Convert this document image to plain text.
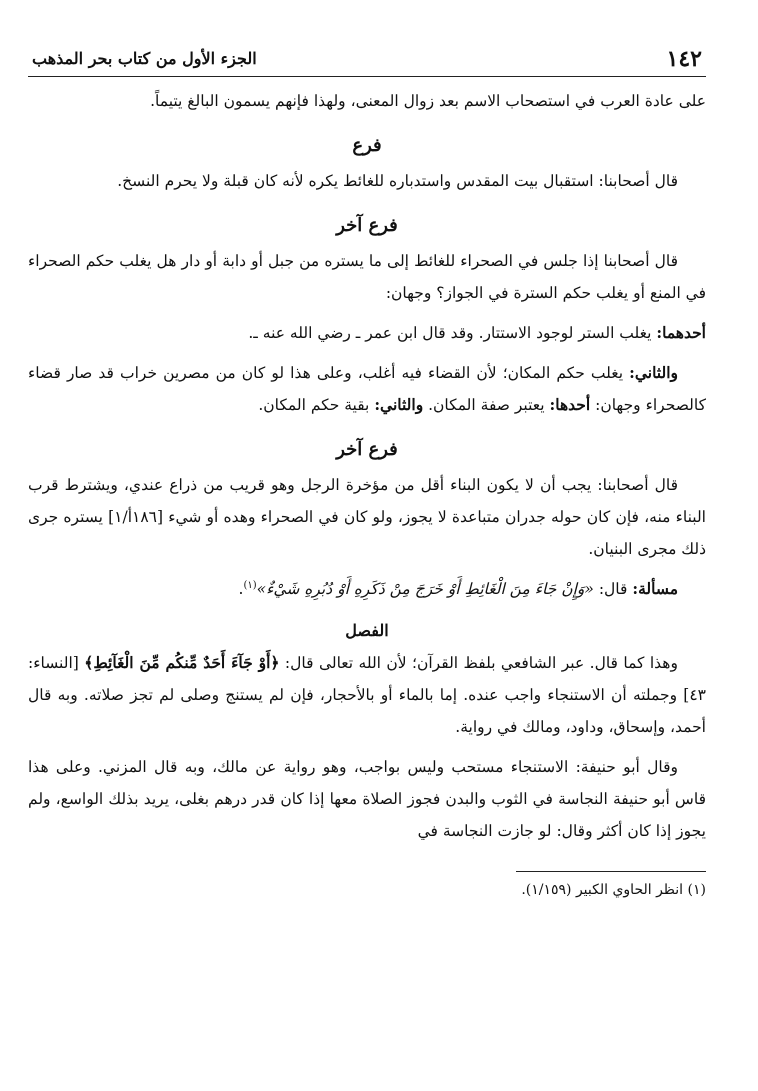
١٤٢
الجزء الأول من كتاب بحر المذهب

على عادة العرب في استصحاب الاسم بعد زوال المعنى، ولهذا فإنهم يسمون البالغ يتيماً.

فرع

قال أصحابنا: استقبال بيت المقدس واستدباره للغائط يكره لأنه كان قبلة ولا يحرم النسخ.

فرع آخر

قال أصحابنا إذا جلس في الصحراء للغائط إلى ما يستره من جبل أو دابة أو دار هل يغلب حكم الصحراء في المنع أو يغلب حكم السترة في الجواز؟ وجهان:

أحدهما: يغلب الستر لوجود الاستتار. وقد قال ابن عمر ـ رضي الله عنه ـ.

والثاني: يغلب حكم المكان؛ لأن القضاء فيه أغلب، وعلى هذا لو كان من مصرين خراب قد صار قضاء كالصحراء وجهان: أحدها: يعتبر صفة المكان. والثاني: بقية حكم المكان.

فرع آخر

قال أصحابنا: يجب أن لا يكون البناء أقل من مؤخرة الرجل وهو قريب من ذراع عندي، ويشترط قرب البناء منه، فإن كان حوله جدران متباعدة لا يجوز، ولو كان في الصحراء وهده أو شيء [١٨٦أ/١] يستره جرى ذلك مجرى البنيان.

مسألة: قال: «وَإِنْ جَاءَ مِنَ الْغَائِطِ أَوْ خَرَجَ مِنْ ذَكَرِهِ أَوْ دُبُرِهِ شَيْءٌ»$^{(١)}$.

الفصل

وهذا كما قال. عبر الشافعي بلفظ القرآن؛ لأن الله تعالى قال: ﴿أَوْ جَآءَ أَحَدٌ مِّنكُم مِّنَ الْغَآئِطِ﴾ [النساء: ٤٣] وجملته أن الاستنجاء واجب عنده. إما بالماء أو بالأحجار، فإن لم يستنج وصلى لم تجز صلاته. وبه قال أحمد، وإسحاق، وداود، ومالك في رواية.

وقال أبو حنيفة: الاستنجاء مستحب وليس بواجب، وهو رواية عن مالك، وبه قال المزني. وعلى هذا قاس أبو حنيفة النجاسة في الثوب والبدن فجوز الصلاة معها إذا كان قدر درهم بغلى، يريد بذلك الواسع، ولم يجوز إذا كان أكثر وقال: لو جازت النجاسة في

(١) انظر الحاوي الكبير (١/١٥٩).
